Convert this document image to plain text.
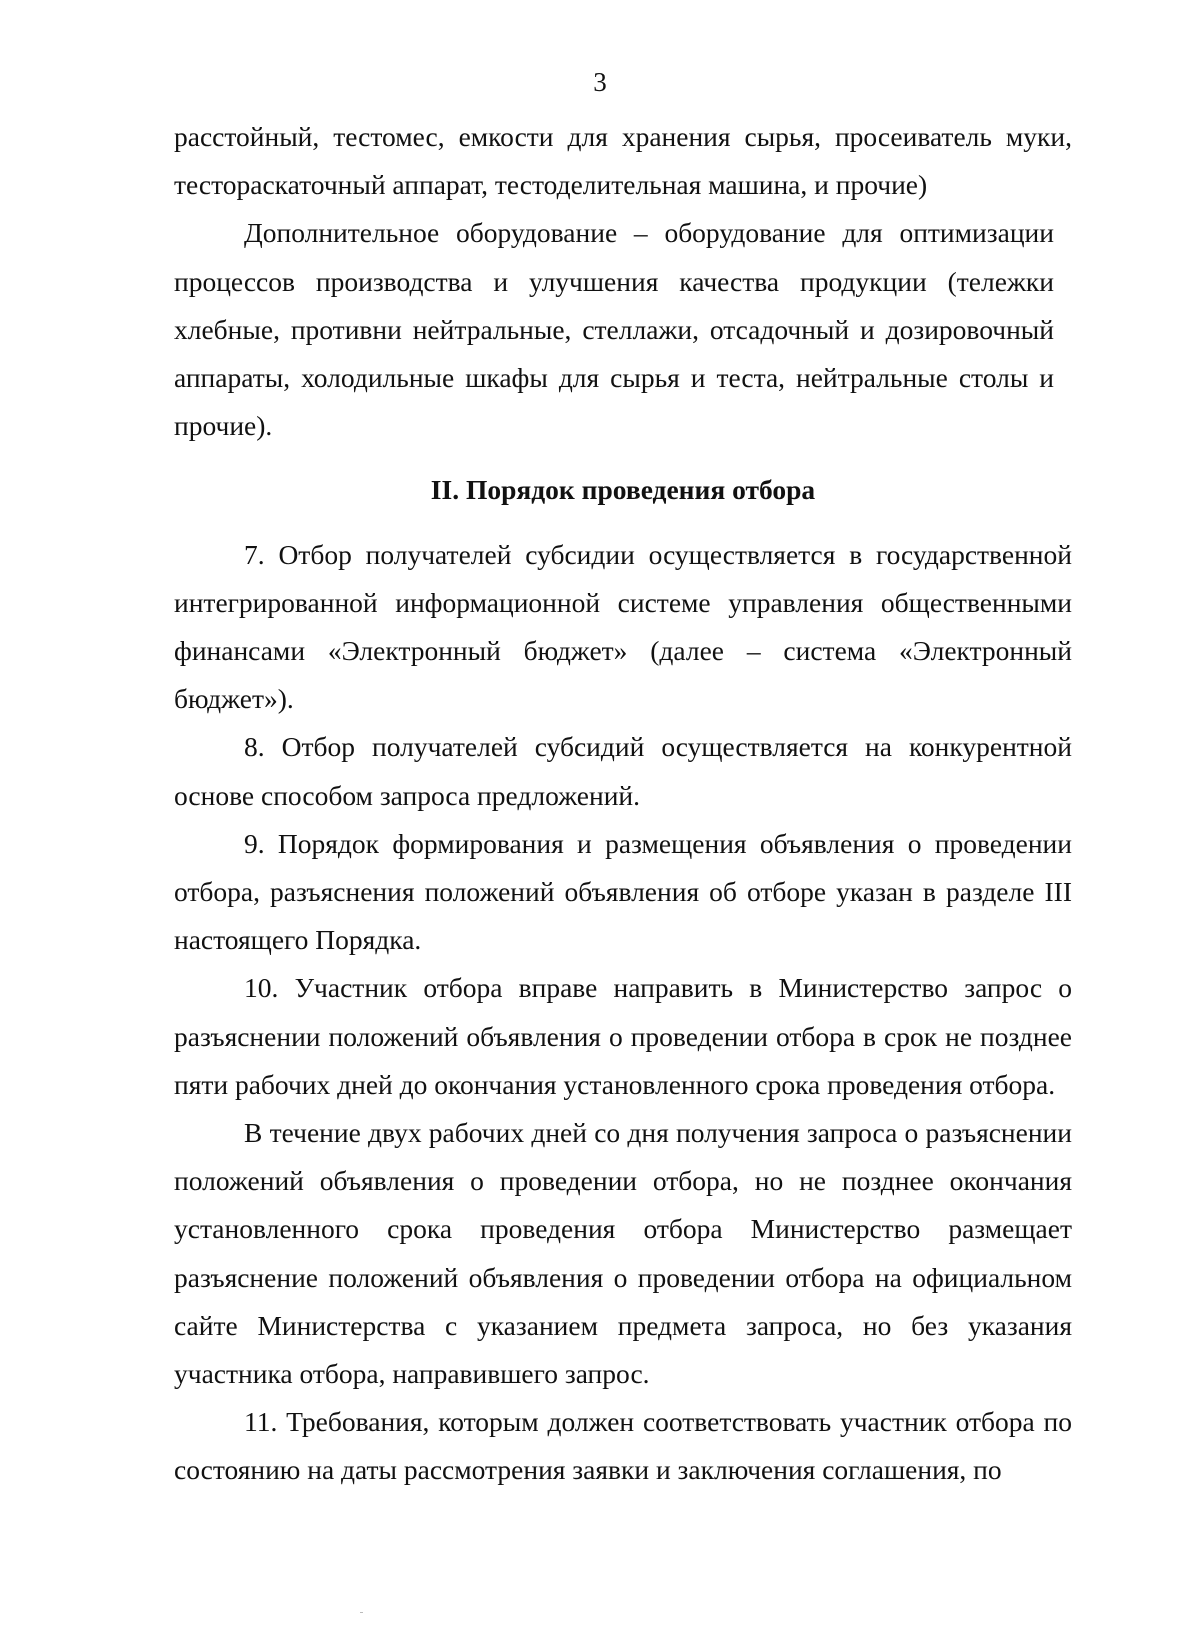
3

расстойный, тестомес, емкости для хранения сырья, просеиватель муки, тестораскаточный аппарат, тестоделительная машина, и прочие)

Дополнительное оборудование – оборудование для оптимизации процессов производства и улучшения качества продукции (тележки хлебные, противни нейтральные, стеллажи, отсадочный и дозировочный аппараты, холодильные шкафы для сырья и теста, нейтральные столы и прочие).

II. Порядок проведения отбора

7. Отбор получателей субсидии осуществляется в государственной интегрированной информационной системе управления общественными финансами «Электронный бюджет» (далее – система «Электронный бюджет»).

8. Отбор получателей субсидий осуществляется на конкурентной основе способом запроса предложений.

9. Порядок формирования и размещения объявления о проведении отбора, разъяснения положений объявления об отборе указан в разделе III настоящего Порядка.

10. Участник отбора вправе направить в Министерство запрос о разъяснении положений объявления о проведении отбора в срок не позднее пяти рабочих дней до окончания установленного срока проведения отбора.

В течение двух рабочих дней со дня получения запроса о разъяснении положений объявления о проведении отбора, но не позднее окончания установленного срока проведения отбора Министерство размещает разъяснение положений объявления о проведении отбора на официальном сайте Министерства с указанием предмета запроса, но без указания участника отбора, направившего запрос.

11. Требования, которым должен соответствовать участник отбора по состоянию на даты рассмотрения заявки и заключения соглашения, по
